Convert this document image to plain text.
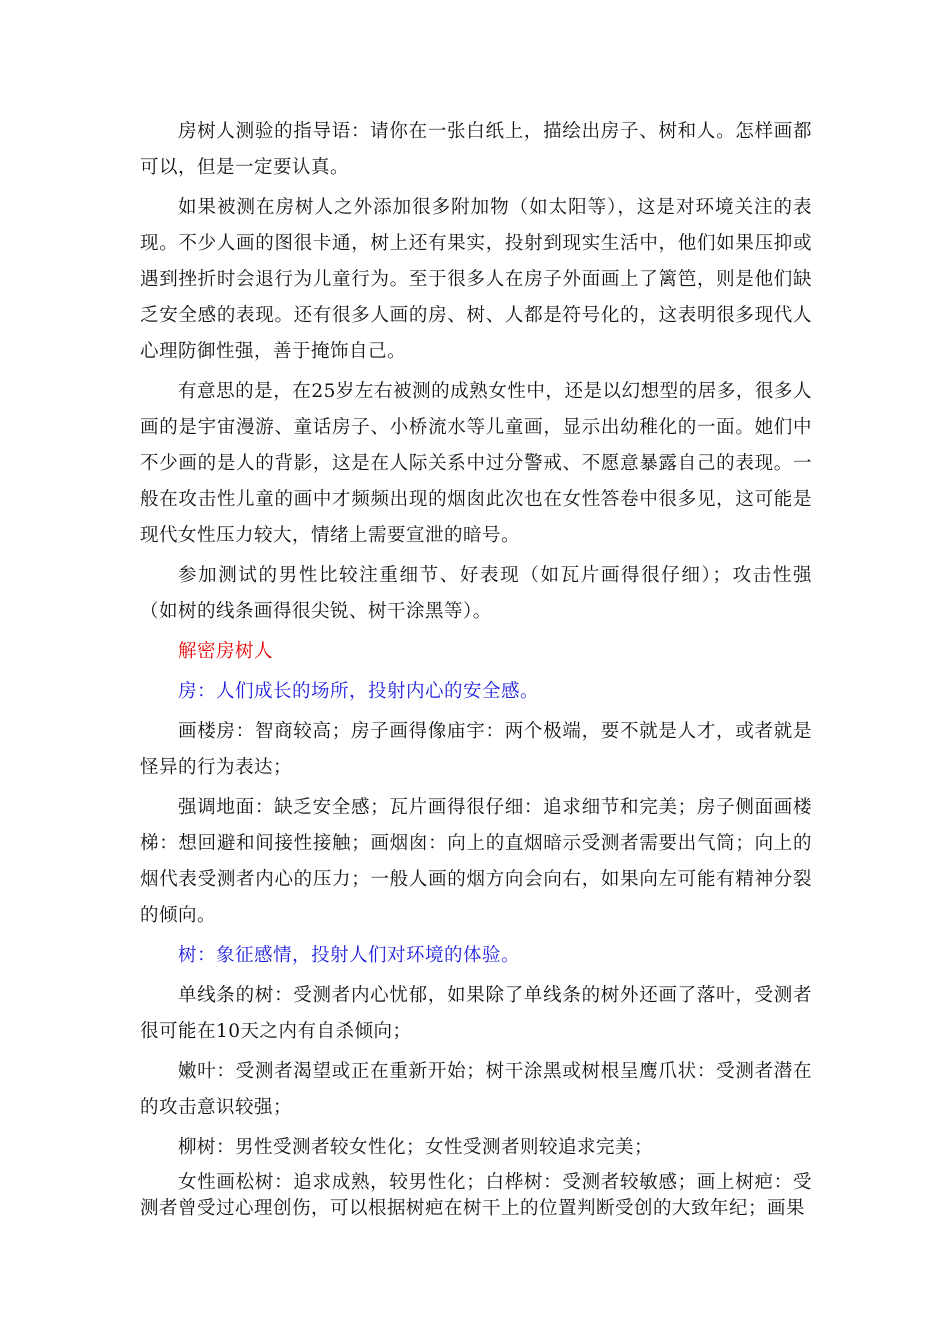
房树人测验的指导语：请你在一张白纸上，描绘出房子、树和人。怎样画都可以，但是一定要认真。

如果被测在房树人之外添加很多附加物（如太阳等），这是对环境关注的表现。不少人画的图很卡通，树上还有果实，投射到现实生活中，他们如果压抑或遇到挫折时会退行为儿童行为。至于很多人在房子外面画上了篱笆，则是他们缺乏安全感的表现。还有很多人画的房、树、人都是符号化的，这表明很多现代人心理防御性强，善于掩饰自己。

有意思的是，在25岁左右被测的成熟女性中，还是以幻想型的居多，很多人画的是宇宙漫游、童话房子、小桥流水等儿童画，显示出幼稚化的一面。她们中不少画的是人的背影，这是在人际关系中过分警戒、不愿意暴露自己的表现。一般在攻击性儿童的画中才频频出现的烟囱此次也在女性答卷中很多见，这可能是现代女性压力较大，情绪上需要宣泄的暗号。

参加测试的男性比较注重细节、好表现（如瓦片画得很仔细）；攻击性强（如树的线条画得很尖锐、树干涂黑等）。

解密房树人

房：人们成长的场所，投射内心的安全感。

画楼房：智商较高；房子画得像庙宇：两个极端，要不就是人才，或者就是怪异的行为表达；

强调地面：缺乏安全感；瓦片画得很仔细：追求细节和完美；房子侧面画楼梯：想回避和间接性接触；画烟囱：向上的直烟暗示受测者需要出气筒；向上的烟代表受测者内心的压力；一般人画的烟方向会向右，如果向左可能有精神分裂的倾向。

树：象征感情，投射人们对环境的体验。

单线条的树：受测者内心忧郁，如果除了单线条的树外还画了落叶，受测者很可能在10天之内有自杀倾向；

嫩叶：受测者渴望或正在重新开始；树干涂黑或树根呈鹰爪状：受测者潜在的攻击意识较强；

柳树：男性受测者较女性化；女性受测者则较追求完美；

女性画松树：追求成熟，较男性化；白桦树：受测者较敏感；画上树疤：受测者曾受过心理创伤，可以根据树疤在树干上的位置判断受创的大致年纪；画果
